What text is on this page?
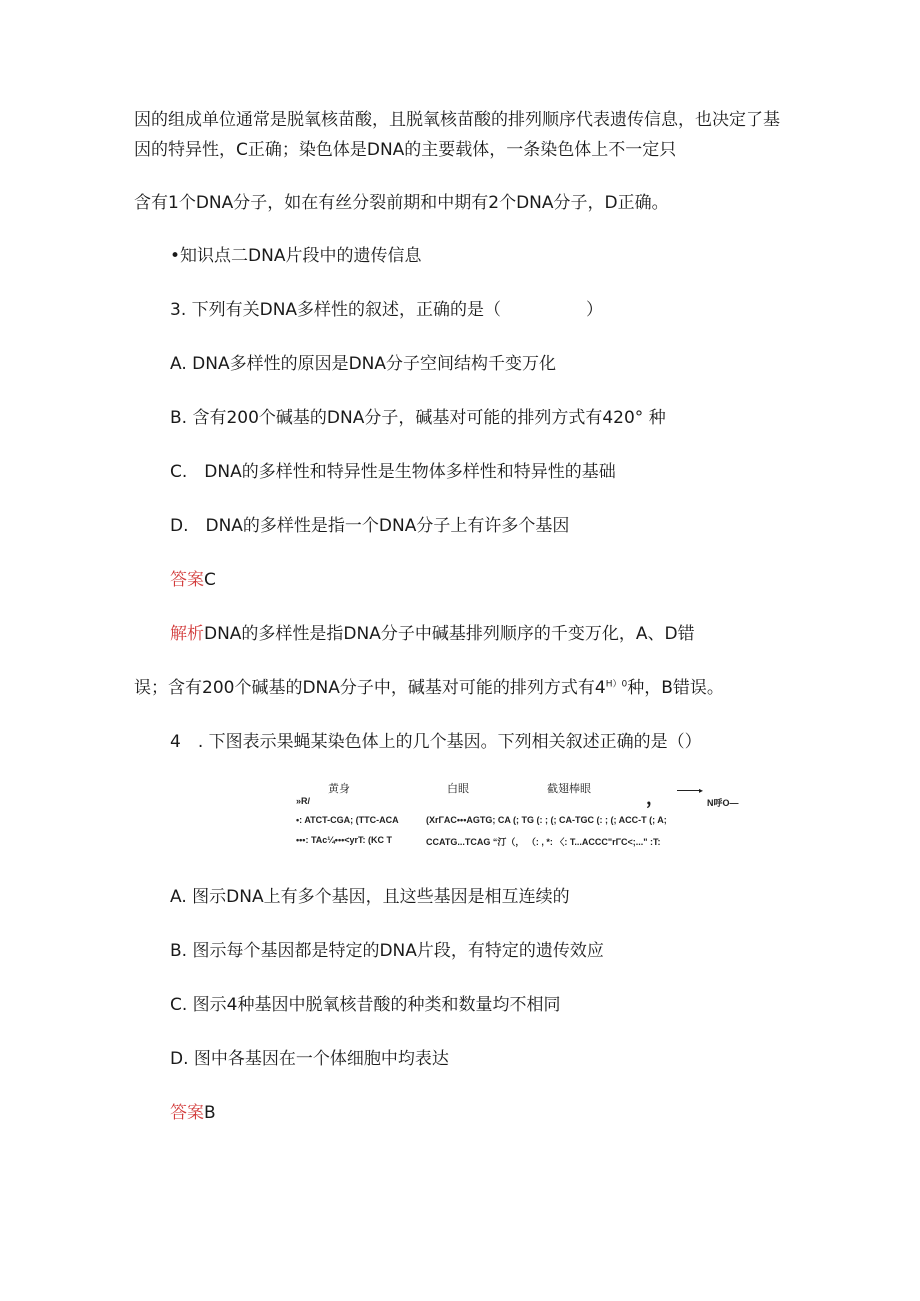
因的组成单位通常是脱氧核苗酸，且脱氧核苗酸的排列顺序代表遗传信息，也决定了基
因的特异性，C正确；染色体是DNA的主要载体，一条染色体上不一定只
含有1个DNA分子，如在有丝分裂前期和中期有2个DNA分子，D正确。
•知识点二DNA片段中的遗传信息
3. 下列有关DNA多样性的叙述，正确的是（　　　　　）
A. DNA多样性的原因是DNA分子空间结构千变万化
B. 含有200个碱基的DNA分子，碱基对可能的排列方式有420° 种
C.　DNA的多样性和特异性是生物体多样性和特异性的基础
D.　DNA的多样性是指一个DNA分子上有许多个基因
答案C
解析DNA的多样性是指DNA分子中碱基排列顺序的千变万化，A、D错
误；含有200个碱基的DNA分子中，碱基对可能的排列方式有$4^{H)0}$种，B错误。
4　. 下图表示果蝇某染色体上的几个基因。下列相关叙述正确的是（）
黄身	白眼	截翅棒眼
»R/	，	▸
N呼O—
•: ATCT-CGA; (TTC-ACA	(XrΓAC•••AGTG; CA (; TG (: ; (; CA-TGC (: ; (; ACC-T (; A;
•••: TAc¼•••<yrT: (KC T	CCATG...TCAG “汀（， （: , *: 〈: T...ACCC"rΓC<;..." :T:
A. 图示DNA上有多个基因，且这些基因是相互连续的
B. 图示每个基因都是特定的DNA片段，有特定的遗传效应
C. 图示4种基因中脱氧核昔酸的种类和数量均不相同
D. 图中各基因在一个体细胞中均表达
答案B
